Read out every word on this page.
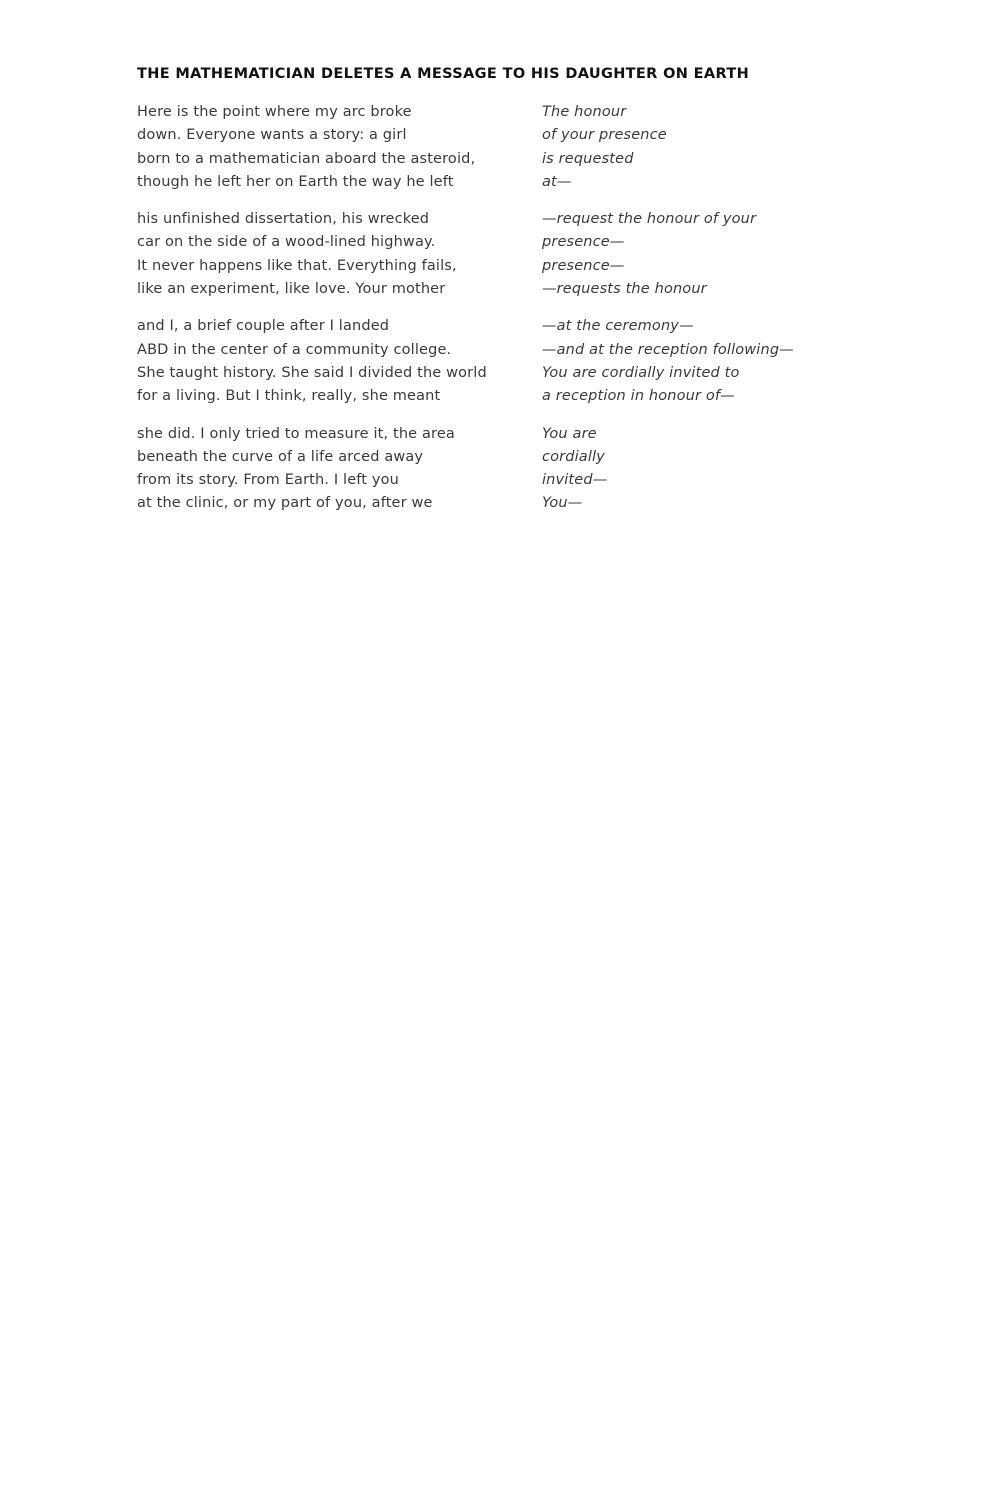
THE MATHEMATICIAN DELETES A MESSAGE TO HIS DAUGHTER ON EARTH
Here is the point where my arc broke
down. Everyone wants a story: a girl
born to a mathematician aboard the asteroid,
though he left her on Earth the way he left
his unfinished dissertation, his wrecked
car on the side of a wood-lined highway.
It never happens like that. Everything fails,
like an experiment, like love. Your mother
and I, a brief couple after I landed
ABD in the center of a community college.
She taught history. She said I divided the world
for a living. But I think, really, she meant
she did. I only tried to measure it, the area
beneath the curve of a life arced away
from its story. From Earth. I left you
at the clinic, or my part of you, after we
The honour
of your presence
is requested
at—
—request the honour of your
presence—
presence—
—requests the honour
—at the ceremony—
—and at the reception following—
You are cordially invited to
a reception in honour of—
You are
cordially
invited—
You—
